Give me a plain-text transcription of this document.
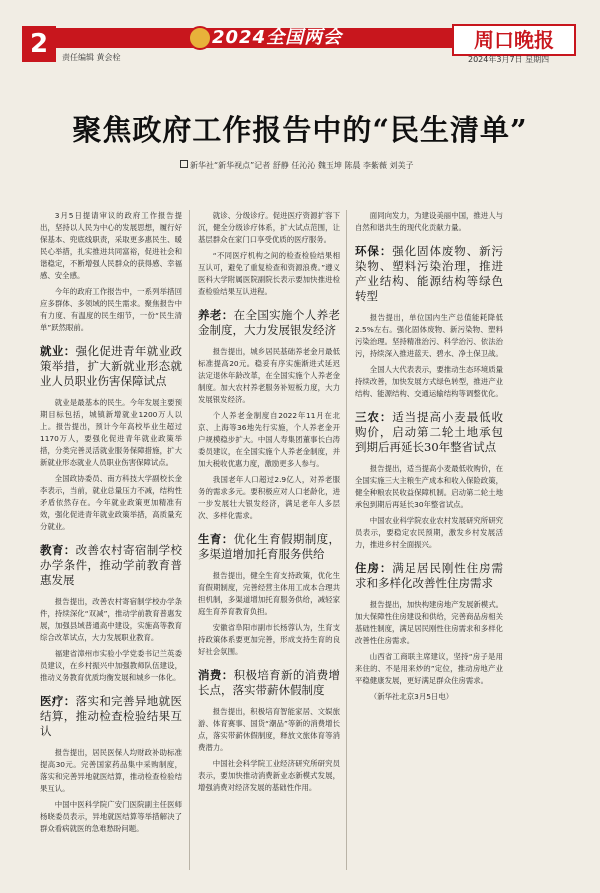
2	2024全国两会	周口晚报
责任编辑 黄会栓	2024年3月7日 星期四
聚焦政府工作报告中的“民生清单”
新华社“新华视点”记者 舒静 任沁沁 魏玉坤 陈晨 李紫薇 刘美子

3月5日提请审议的政府工作报告提出，坚持以人民为中心的发展思想，履行好保基本、兜底线职责，采取更多惠民生、暖民心举措，扎实推进共同富裕，促进社会和谐稳定，不断增强人民群众的获得感、幸福感、安全感。

今年的政府工作报告中，一系列举措回应多群体、多领域的民生需求。聚焦报告中有力度、有温度的民生细节，一份“民生清单”跃然眼前。

就业：强化促进青年就业政策举措，扩大新就业形态就业人员职业伤害保障试点

就业是最基本的民生。今年发展主要预期目标包括，城镇新增就业1200万人以上。报告提出，预计今年高校毕业生超过1170万人，要强化促进青年就业政策举措，分类完善灵活就业服务保障措施，扩大新就业形态就业人员职业伤害保障试点。

全国政协委员、南方科技大学副校长金李表示，当前，就业总量压力不减，结构性矛盾依然存在。今年就业政策更加精准有效，强化促进青年就业政策举措，高质量充分就业。

教育：改善农村寄宿制学校办学条件，推动学前教育普惠发展

报告提出，改善农村寄宿制学校办学条件，持续深化“双减”，推动学前教育普惠发展，加强县域普通高中建设，实施高等教育综合改革试点，大力发展职业教育。

福建省漳州市实验小学党委书记兰英委员建议，在乡村振兴中加强教师队伍建设，推动义务教育优质均衡发展和城乡一体化。

医疗：落实和完善异地就医结算，推动检查检验结果互认

报告提出，居民医保人均财政补助标准提高30元。完善国家药品集中采购制度，落实和完善异地就医结算，推动检查检验结果互认。

中国中医科学院广安门医院副主任医师杨晓委员表示，异地就医结算等举措解决了群众看病就医的急难愁盼问题。

就诊、分级诊疗。促进医疗资源扩容下沉，健全分级诊疗体系，扩大试点范围，让基层群众在家门口享受优质的医疗服务。

“不同医疗机构之间的检查检验结果相互认可，避免了重复检查和资源浪费。”遵义医科大学附属医院副院长表示要加快推进检查检验结果互认进程。

养老：在全国实施个人养老金制度，大力发展银发经济

报告提出，城乡居民基础养老金月最低标准提高20元。稳妥有序实施渐进式延迟法定退休年龄改革，在全国实施个人养老金制度。加大农村养老服务补短板力度，大力发展银发经济。

个人养老金制度自2022年11月在北京、上海等36地先行实施，个人养老金开户规模稳步扩大。中国人寿集团董事长白涛委员建议，在全国实施个人养老金制度，并加大税收优惠力度，激励更多人参与。

我国老年人口超过2.9亿人，对养老服务的需求多元。要积极应对人口老龄化，进一步发展壮大银发经济，满足老年人多层次、多样化需求。

生育：优化生育假期制度，多渠道增加托育服务供给

报告提出，健全生育支持政策，优化生育假期制度，完善经营主体用工成本合理共担机制，多渠道增加托育服务供给，减轻家庭生育养育教育负担。

安徽省阜阳市副市长杨蓉认为，生育支持政策体系要更加完善，形成支持生育的良好社会氛围。

消费：积极培育新的消费增长点，落实带薪休假制度

报告提出，积极培育智能家居、文娱旅游、体育赛事、国货“潮品”等新的消费增长点，落实带薪休假制度，释放文旅体育等消费潜力。

中国社会科学院工业经济研究所研究员表示，要加快推动消费新业态新模式发展，增强消费对经济发展的基础性作用。

面同向发力，为建设美丽中国，推进人与自然和谐共生的现代化贡献力量。

环保：强化固体废物、新污染物、塑料污染治理，推进产业结构、能源结构等绿色转型

报告提出，单位国内生产总值能耗降低2.5%左右。强化固体废物、新污染物、塑料污染治理。坚持精准治污、科学治污、依法治污，持续深入推进蓝天、碧水、净土保卫战。

全国人大代表表示，要推动生态环境质量持续改善，加快发展方式绿色转型，推进产业结构、能源结构、交通运输结构等调整优化。

三农：适当提高小麦最低收购价，启动第二轮土地承包到期后再延长30年整省试点

报告提出，适当提高小麦最低收购价，在全国实施三大主粮生产成本和收入保险政策，健全种粮农民收益保障机制。启动第二轮土地承包到期后再延长30年整省试点。

中国农业科学院农业农村发展研究所研究员表示，要稳定农民预期，激发乡村发展活力，推进乡村全面振兴。

住房：满足居民刚性住房需求和多样化改善性住房需求

报告提出，加快构建房地产发展新模式。加大保障性住房建设和供给，完善商品房相关基础性制度，满足居民刚性住房需求和多样化改善性住房需求。

山西省工商联主席建议，坚持“房子是用来住的、不是用来炒的”定位，推动房地产业平稳健康发展，更好满足群众住房需求。

（新华社北京3月5日电）
